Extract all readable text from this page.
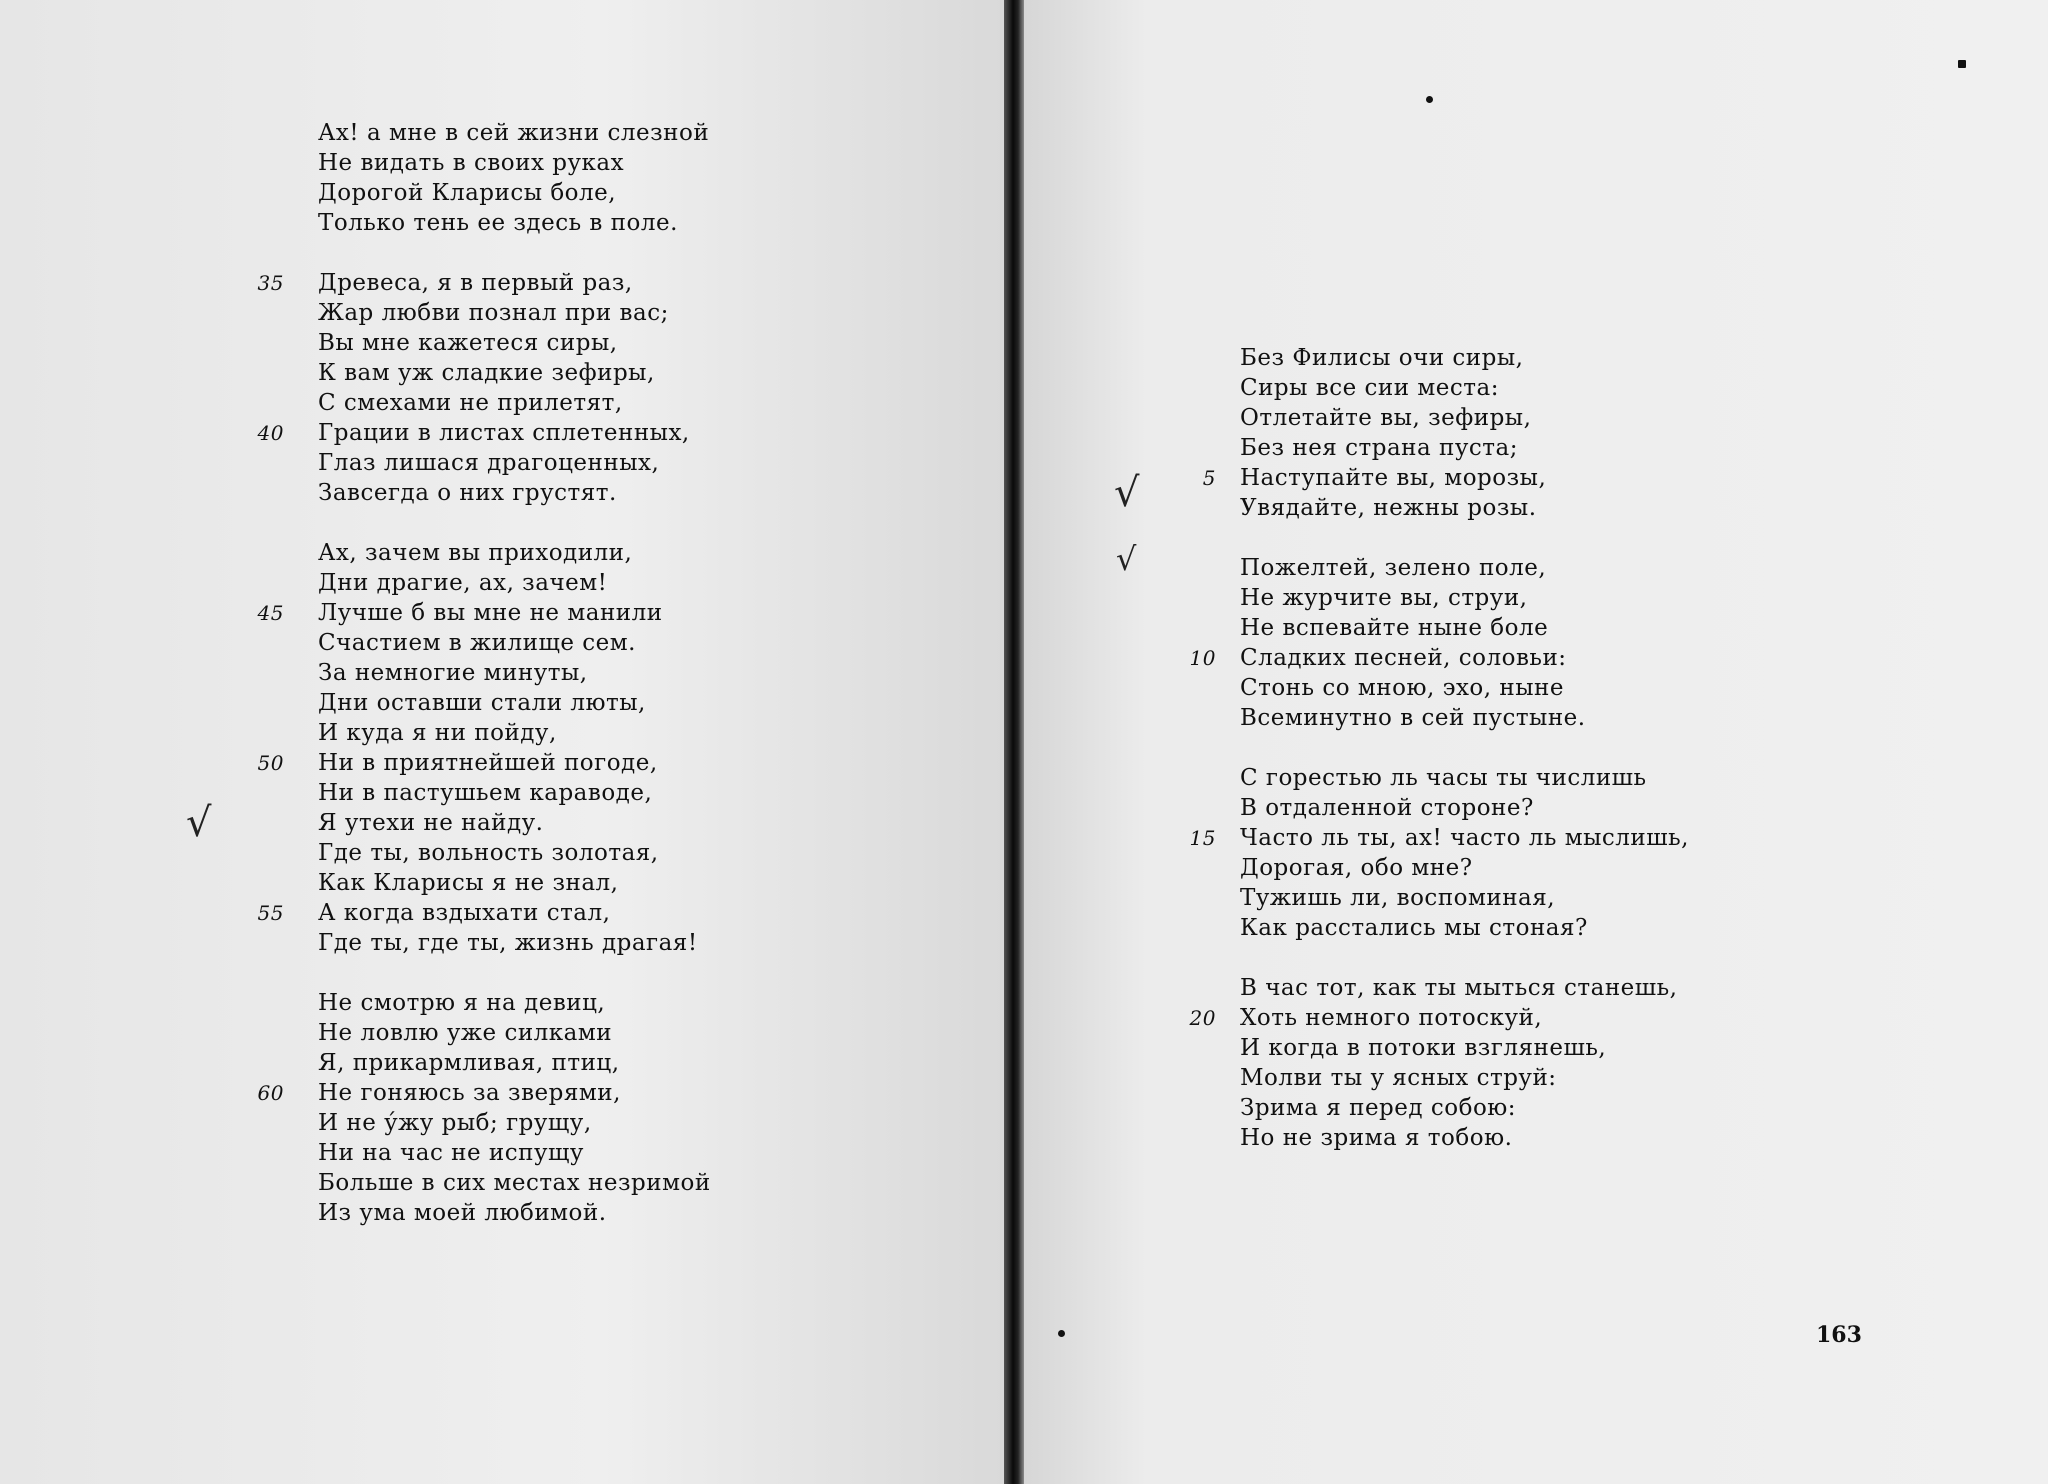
Ах! а мне в сей жизни слезной
Не видать в своих руках
Дорогой Клaрисы боле,
Только тень ее здесь в поле.
Древеса, я в первый раз,
35
Жар любви познал при вас;
Вы мне кажетеся сиры,
К вам уж сладкие зефиры,
С смехами не прилетят,
Грации в листах сплетенных,
40
Глаз лишася драгоценных,
Завсегда о них грустят.
Ах, зачем вы приходили,
Дни драгие, ах, зачем!
Лучше б вы мне не манили
45
Счастием в жилище сем.
За немногие минуты,
Дни оставши стали люты,
И куда я ни пойду,
Ни в приятнейшей погоде,
50
Ни в пастушьем караводе,
Я утехи не найду.
Где ты, вольность золотая,
Как Клaрисы я не знал,
А когда вздыхати стал,
55
Где ты, где ты, жизнь драгая!
Не смотрю я на девиц,
Не ловлю уже силками
Я, прикармливая, птиц,
Не гоняюсь за зверями,
60
И не у́жу рыб; грущу,
Ни на час не испущу
Больше в сих местах незримой
Из ума моей любимой.
√
√
√
Без Филисы очи сиры,
Сиры все сии места:
Отлетайте вы, зефиры,
Без нея страна пуста;
Наступайте вы, морозы,
5
Увядайте, нежны розы.
Пожелтей, зелено поле,
Не журчите вы, струи,
Не вспевайте ныне боле
Сладких песней, соловьи:
10
Стонь со мною, эхо, ныне
Всеминутно в сей пустыне.
С горестью ль часы ты числишь
В отдаленной стороне?
Часто ль ты, ах! часто ль мыслишь,
15
Дорогая, обо мне?
Тужишь ли, воспоминая,
Как расстались мы стоная?
В час тот, как ты мыться станешь,
Хоть немного потоскуй,
20
И когда в потоки взглянешь,
Молви ты у ясных струй:
Зрима я перед собою:
Но не зрима я тобою.
163
